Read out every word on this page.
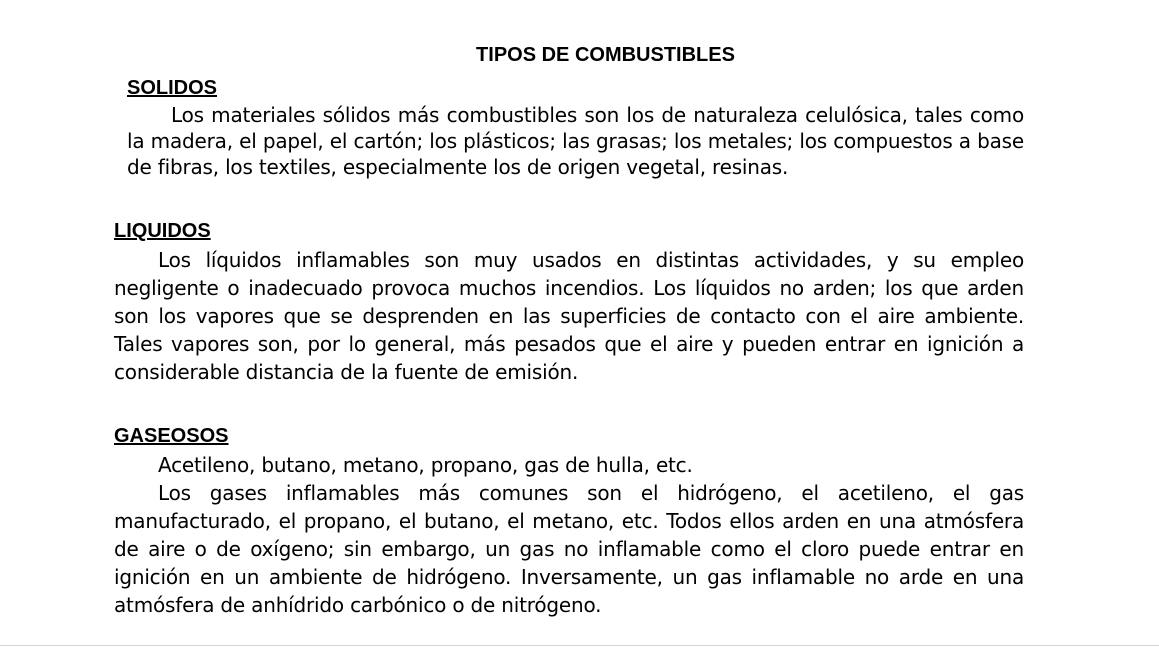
TIPOS DE COMBUSTIBLES
SOLIDOS
Los materiales sólidos más combustibles son los de naturaleza celulósica, tales como la madera, el papel, el cartón; los plásticos; las grasas; los metales; los compuestos a base de fibras, los textiles, especialmente los de origen vegetal, resinas.
LIQUIDOS
Los líquidos inflamables son muy usados en distintas actividades, y su empleo negligente o inadecuado provoca muchos incendios. Los líquidos no arden; los que arden son los vapores que se desprenden en las superficies de contacto con el aire ambiente. Tales vapores son, por lo general, más pesados que el aire y pueden entrar en ignición a considerable distancia de la fuente de emisión.
GASEOSOS
Acetileno, butano, metano, propano, gas de hulla, etc.
Los gases inflamables más comunes son el hidrógeno, el acetileno, el gas manufacturado, el propano, el butano, el metano, etc. Todos ellos arden en una atmósfera de aire o de oxígeno; sin embargo, un gas no inflamable como el cloro puede entrar en ignición en un ambiente de hidrógeno. Inversamente, un gas inflamable no arde en una atmósfera de anhídrido carbónico o de nitrógeno.
